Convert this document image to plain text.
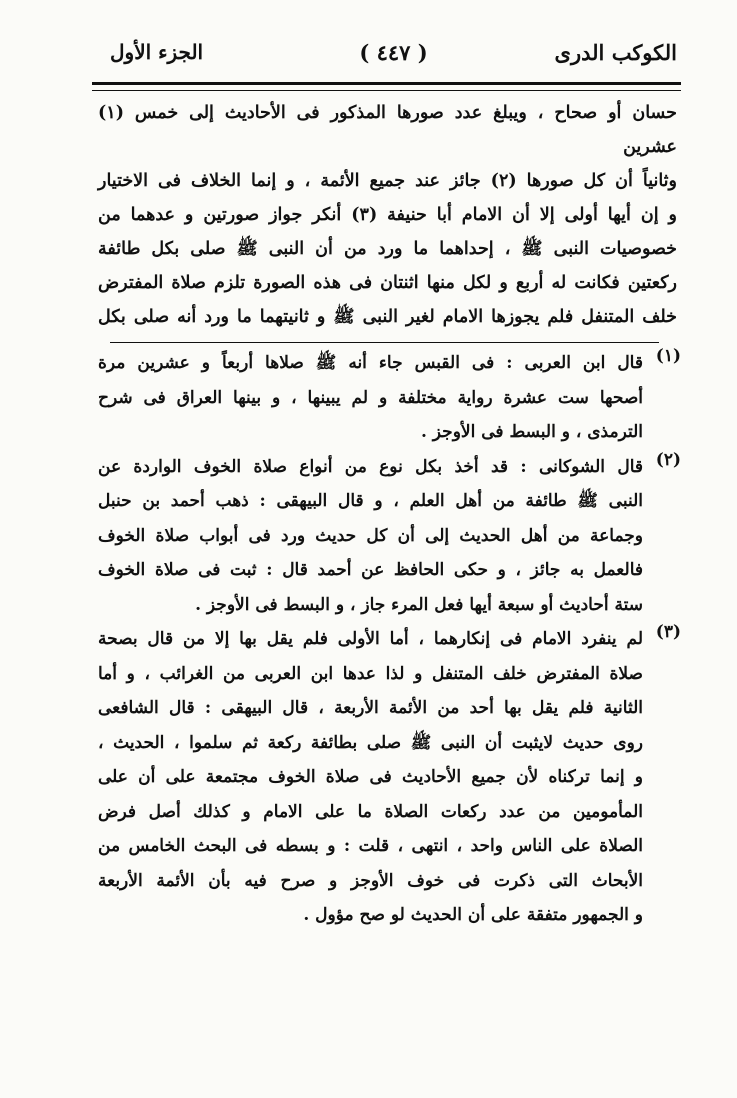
الكوكب الدرى
( ٤٤٧ )
الجزء الأول
حسان أو صحاح ، ويبلغ عدد صورها المذكور فى الأحاديث إلى خمس (١) عشرين
وثانياً أن كل صورها (٢) جائز عند جميع الأئمة ، و إنما الخلاف فى الاختيار
و إن أيها أولى إلا أن الامام أبا حنيفة (٣) أنكر جواز صورتين و عدهما من
خصوصيات النبى ﷺ ، إحداهما ما ورد من أن النبى ﷺ صلى بكل طائفة
ركعتين فكانت له أربع و لكل منها اثنتان فى هذه الصورة تلزم صلاة المفترض
خلف المتنفل فلم يجوزها الامام لغير النبى ﷺ و ثانيتهما ما ورد أنه صلى بكل
(١)
قال ابن العربى : فى القبس جاء أنه ﷺ صلاها أربعاً و عشرين مرة
أصحها ست عشرة رواية مختلفة و لم يبينها ، و بينها العراق فى شرح
الترمذى ، و البسط فى الأوجز .
(٢)
قال الشوكانى : قد أخذ بكل نوع من أنواع صلاة الخوف الواردة عن
النبى ﷺ طائفة من أهل العلم ، و قال البيهقى : ذهب أحمد بن حنبل
وجماعة من أهل الحديث إلى أن كل حديث ورد فى أبواب صلاة الخوف
فالعمل به جائز ، و حكى الحافظ عن أحمد قال : ثبت فى صلاة الخوف
ستة أحاديث أو سبعة أيها فعل المرء جاز ، و البسط فى الأوجز .
(٣)
لم ينفرد الامام فى إنكارهما ، أما الأولى فلم يقل بها إلا من قال بصحة
صلاة المفترض خلف المتنفل و لذا عدها ابن العربى من الغرائب ، و أما
الثانية فلم يقل بها أحد من الأئمة الأربعة ، قال البيهقى : قال الشافعى
روى حديث لايثبت أن النبى ﷺ صلى بطائفة ركعة ثم سلموا ، الحديث ،
و إنما تركناه لأن جميع الأحاديث فى صلاة الخوف مجتمعة على أن على
المأمومين من عدد ركعات الصلاة ما على الامام و كذلك أصل فرض
الصلاة على الناس واحد ، انتهى ، قلت : و بسطه فى البحث الخامس من
الأبحاث التى ذكرت فى خوف الأوجز و صرح فيه بأن الأئمة الأربعة
و الجمهور متفقة على أن الحديث لو صح مؤول .
